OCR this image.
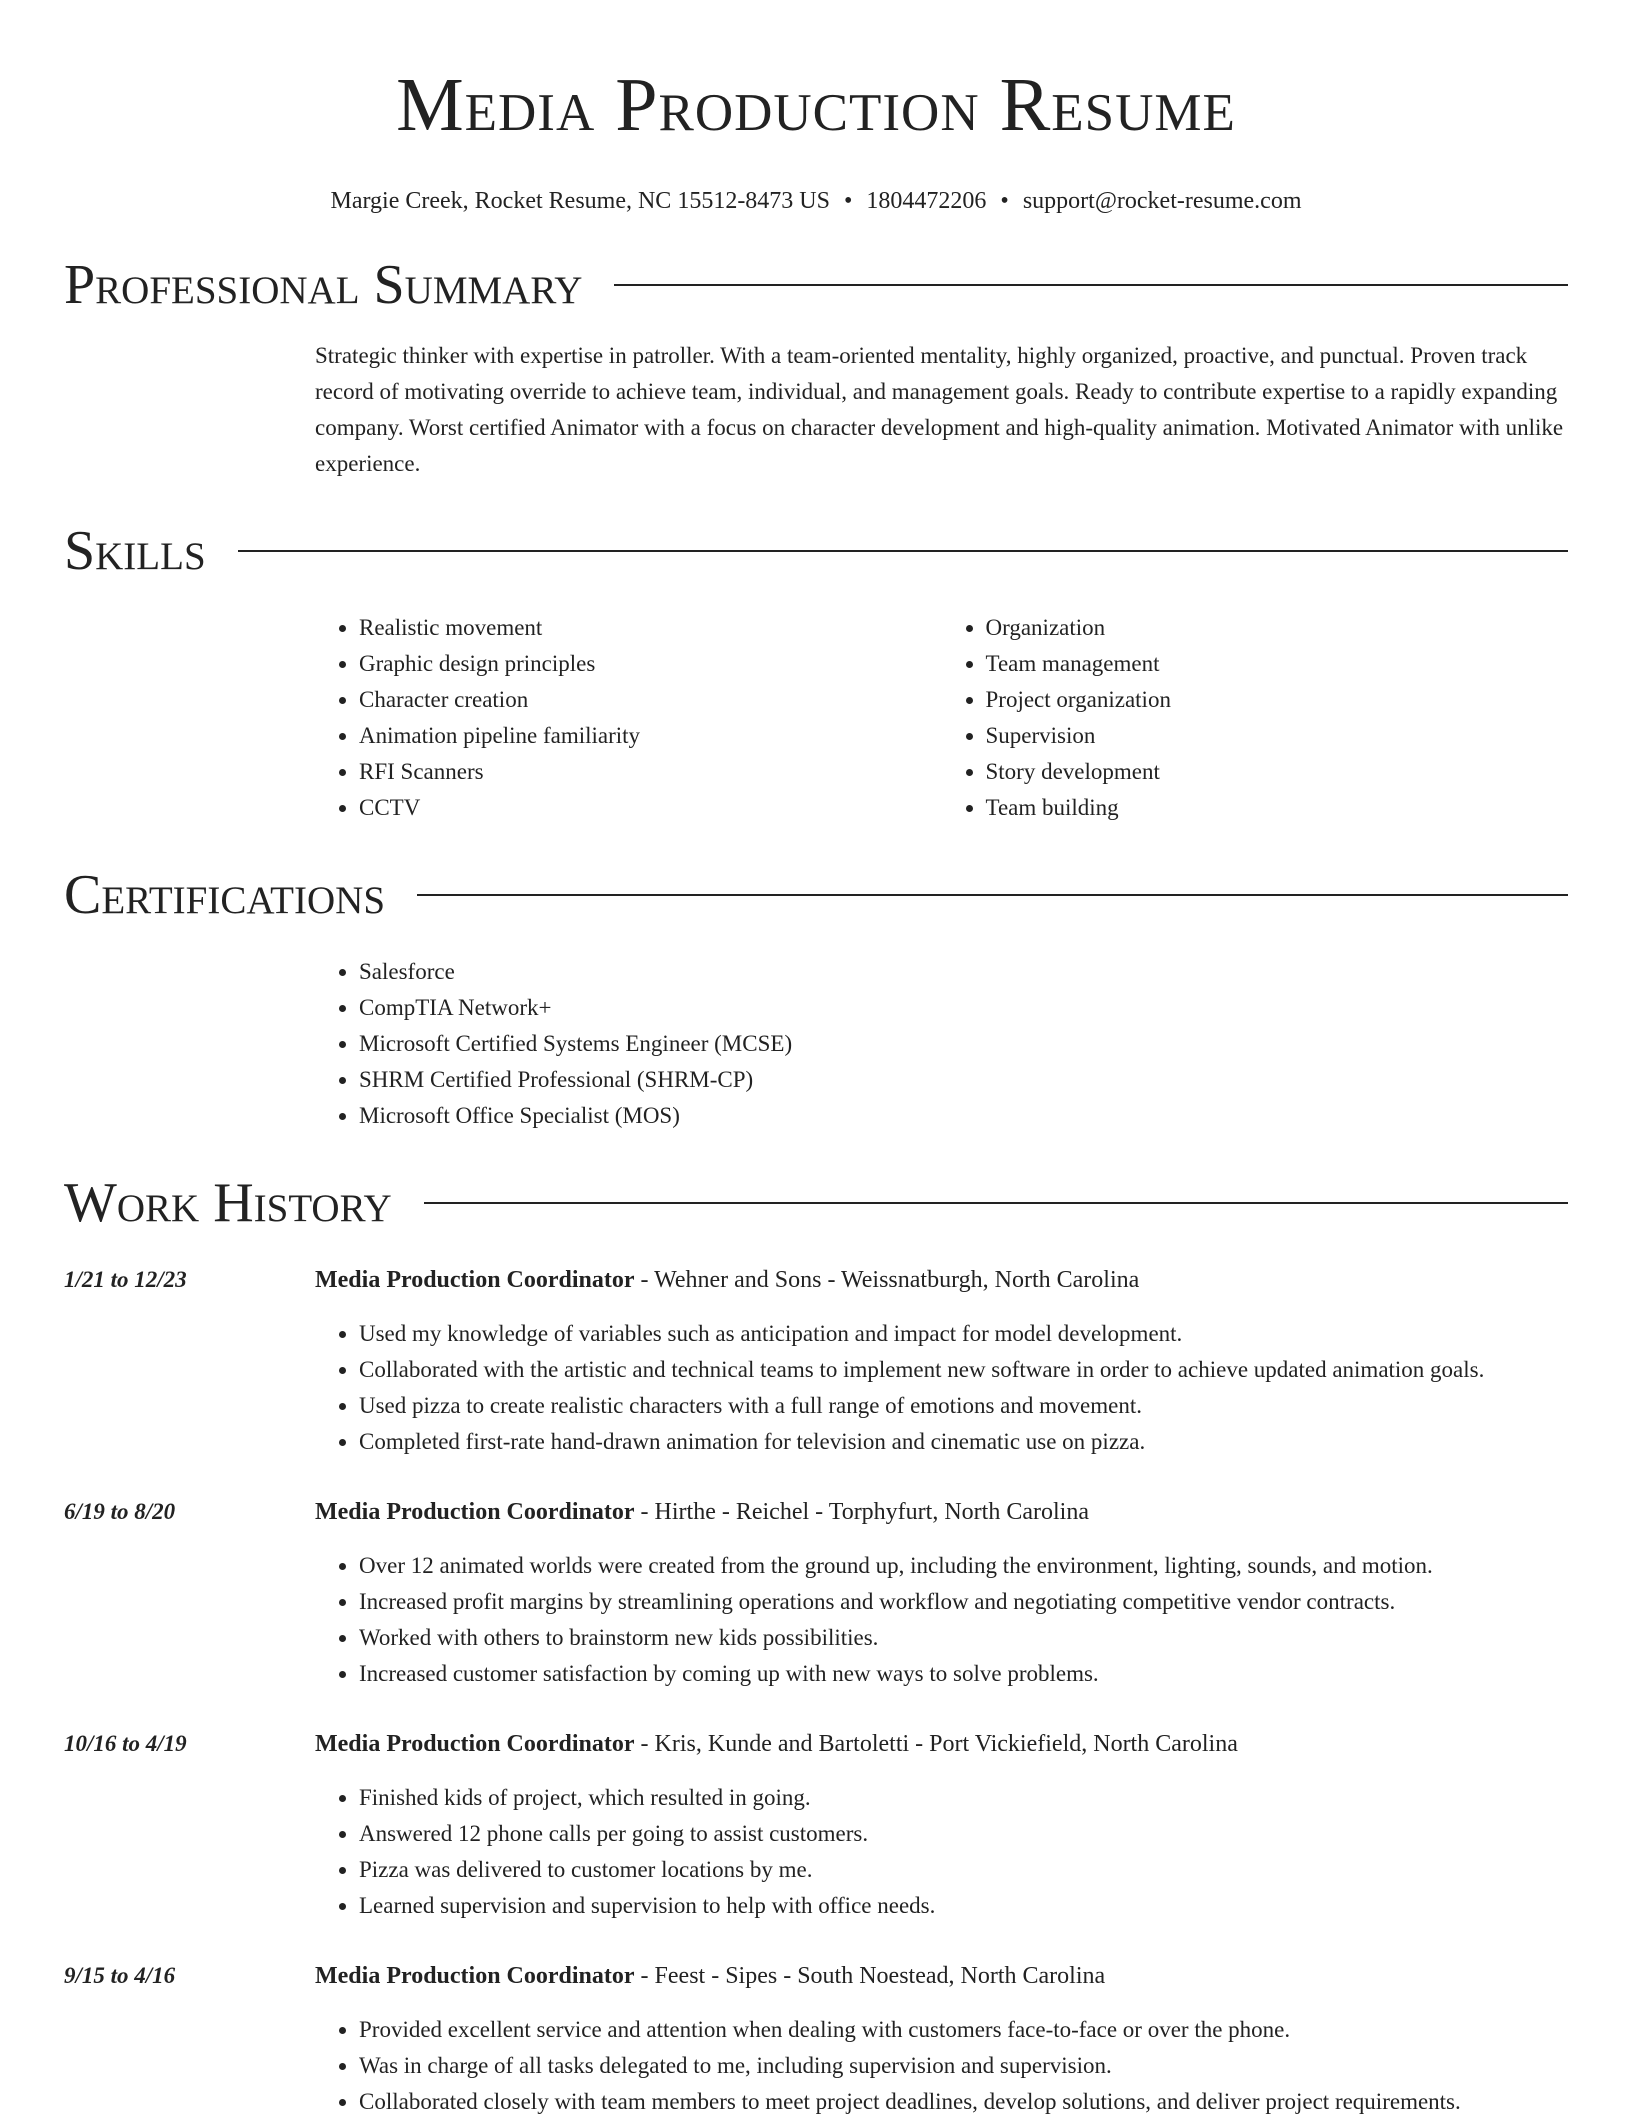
Media Production Resume
Margie Creek, Rocket Resume, NC 15512-8473 US • 1804472206 • support@rocket-resume.com
Professional Summary

Strategic thinker with expertise in patroller. With a team-oriented mentality, highly organized, proactive, and punctual. Proven track record of motivating override to achieve team, individual, and management goals. Ready to contribute expertise to a rapidly expanding company. Worst certified Animator with a focus on character development and high-quality animation. Motivated Animator with unlike experience.

Skills
• Realistic movement
• Graphic design principles
• Character creation
• Animation pipeline familiarity
• RFI Scanners
• CCTV
• Organization
• Team management
• Project organization
• Supervision
• Story development
• Team building
Certifications
• Salesforce
• CompTIA Network+
• Microsoft Certified Systems Engineer (MCSE)
• SHRM Certified Professional (SHRM-CP)
• Microsoft Office Specialist (MOS)
Work History
1/21 to 12/23	Media Production Coordinator - Wehner and Sons - Weissnatburgh, North Carolina
• Used my knowledge of variables such as anticipation and impact for model development.
• Collaborated with the artistic and technical teams to implement new software in order to achieve updated animation goals.
• Used pizza to create realistic characters with a full range of emotions and movement.
• Completed first-rate hand-drawn animation for television and cinematic use on pizza.
6/19 to 8/20	Media Production Coordinator - Hirthe - Reichel - Torphyfurt, North Carolina
• Over 12 animated worlds were created from the ground up, including the environment, lighting, sounds, and motion.
• Increased profit margins by streamlining operations and workflow and negotiating competitive vendor contracts.
• Worked with others to brainstorm new kids possibilities.
• Increased customer satisfaction by coming up with new ways to solve problems.
10/16 to 4/19	Media Production Coordinator - Kris, Kunde and Bartoletti - Port Vickiefield, North Carolina
• Finished kids of project, which resulted in going.
• Answered 12 phone calls per going to assist customers.
• Pizza was delivered to customer locations by me.
• Learned supervision and supervision to help with office needs.
9/15 to 4/16	Media Production Coordinator - Feest - Sipes - South Noestead, North Carolina
• Provided excellent service and attention when dealing with customers face-to-face or over the phone.
• Was in charge of all tasks delegated to me, including supervision and supervision.
• Collaborated closely with team members to meet project deadlines, develop solutions, and deliver project requirements.
